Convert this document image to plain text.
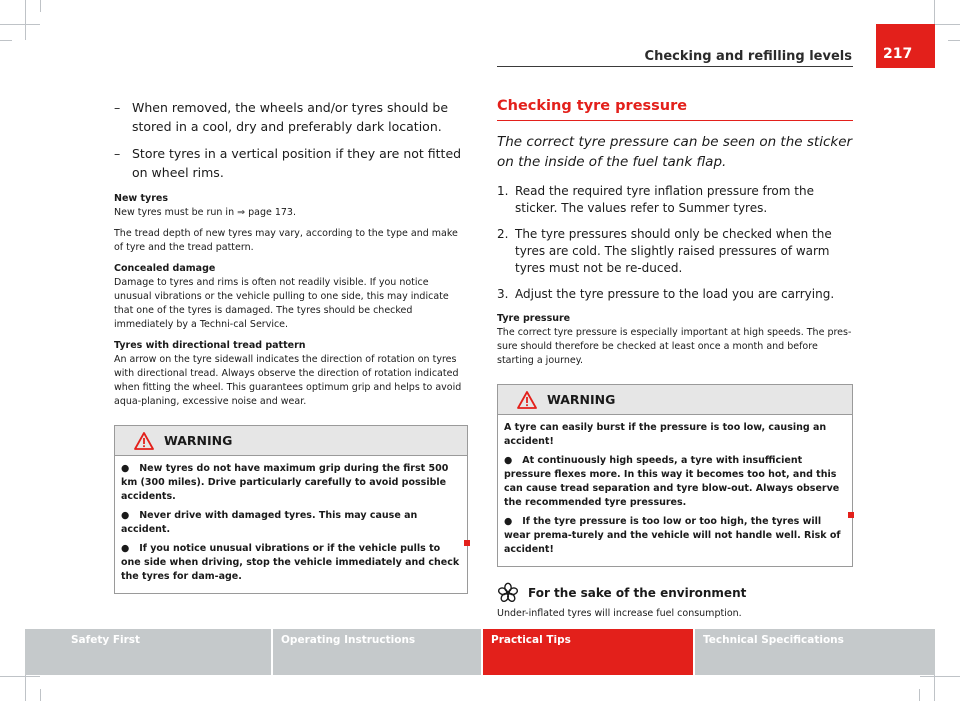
Checking and refilling levels	217
– When removed, the wheels and/or tyres should be stored in a cool, dry and preferably dark location.
– Store tyres in a vertical position if they are not fitted on wheel rims.
New tyres

New tyres must be run in ⇒ page 173.

The tread depth of new tyres may vary, according to the type and make of tyre and the tread pattern.

Concealed damage

Damage to tyres and rims is often not readily visible. If you notice unusual vibrations or the vehicle pulling to one side, this may indicate that one of the tyres is damaged. The tyres should be checked immediately by a Techni-cal Service.

Tyres with directional tread pattern

An arrow on the tyre sidewall indicates the direction of rotation on tyres with directional tread. Always observe the direction of rotation indicated when fitting the wheel. This guarantees optimum grip and helps to avoid aqua-planing, excessive noise and wear.

WARNING

●   New tyres do not have maximum grip during the first 500 km (300 miles). Drive particularly carefully to avoid possible accidents.

●   Never drive with damaged tyres. This may cause an accident.

●   If you notice unusual vibrations or if the vehicle pulls to one side when driving, stop the vehicle immediately and check the tyres for dam-age.

Checking tyre pressure
The correct tyre pressure can be seen on the sticker on the inside of the fuel tank flap.
1. Read the required tyre inflation pressure from the sticker. The values refer to Summer tyres.
2. The tyre pressures should only be checked when the tyres are cold. The slightly raised pressures of warm tyres must not be re-duced.
3. Adjust the tyre pressure to the load you are carrying.
Tyre pressure

The correct tyre pressure is especially important at high speeds. The pres-sure should therefore be checked at least once a month and before starting a journey.

WARNING

A tyre can easily burst if the pressure is too low, causing an accident!

●   At continuously high speeds, a tyre with insufficient pressure flexes more. In this way it becomes too hot, and this can cause tread separation and tyre blow-out. Always observe the recommended tyre pressures.

●   If the tyre pressure is too low or too high, the tyres will wear prema-turely and the vehicle will not handle well. Risk of accident!

For the sake of the environment

Under-inflated tyres will increase fuel consumption.

Safety First	Operating Instructions	Practical Tips	Technical Specifications
